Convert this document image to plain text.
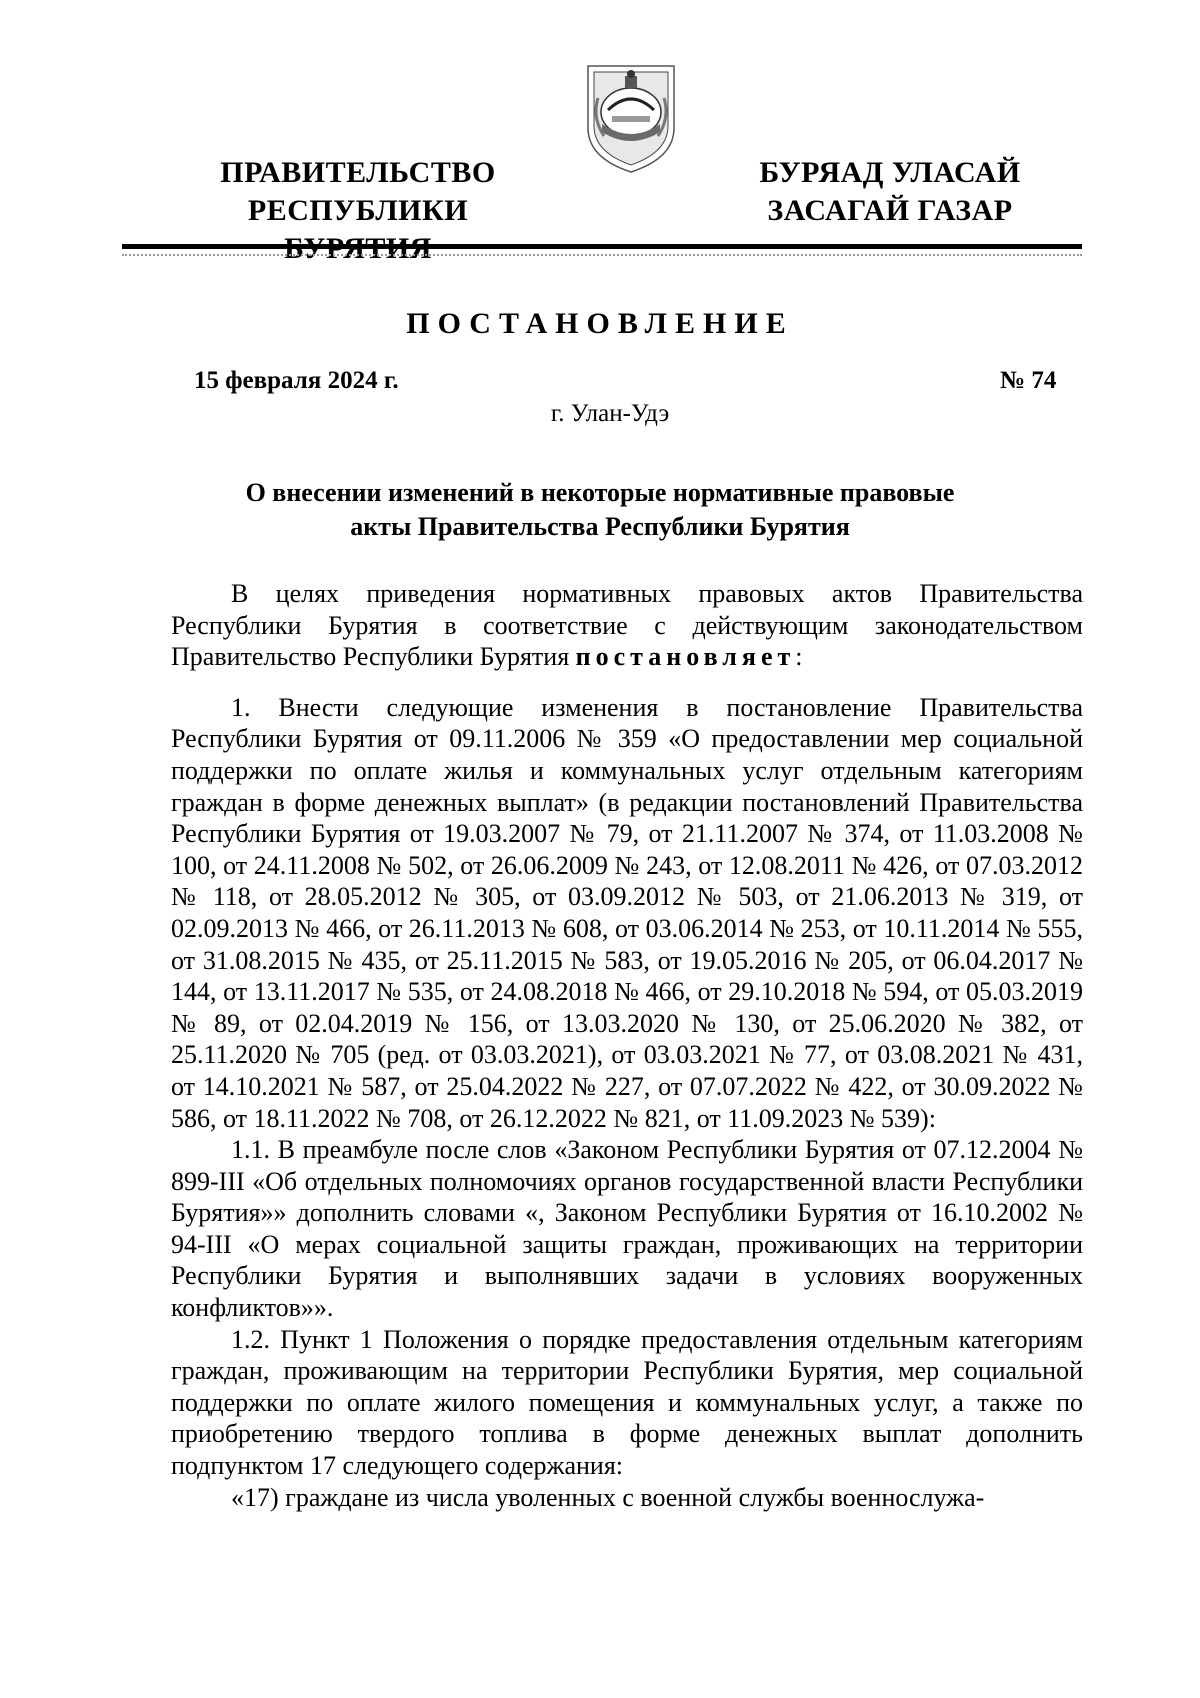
ПРАВИТЕЛЬСТВО
РЕСПУБЛИКИ
БУРЯАД УЛАСАЙ
ЗАСАГАЙ ГАЗАР
ПОСТАНОВЛЕНИЕ
15 февраля 2024 г.	№ 74
г. Улан-Удэ
О внесении изменений в некоторые нормативные правовые
акты Правительства Республики Бурятия

В целях приведения нормативных правовых актов Правительства Республики Бурятия в соответствие с действующим законодательством Правительство Республики Бурятия постановляет:

1. Внести следующие изменения в постановление Правительства Республики Бурятия от 09.11.2006 № 359 «О предоставлении мер социальной поддержки по оплате жилья и коммунальных услуг отдельным категориям граждан в форме денежных выплат» (в редакции постановлений Правительства Республики Бурятия от 19.03.2007 № 79, от 21.11.2007 № 374, от 11.03.2008 № 100, от 24.11.2008 № 502, от 26.06.2009 № 243, от 12.08.2011 № 426, от 07.03.2012 № 118, от 28.05.2012 № 305, от 03.09.2012 № 503, от 21.06.2013 № 319, от 02.09.2013 № 466, от 26.11.2013 № 608, от 03.06.2014 № 253, от 10.11.2014 № 555, от 31.08.2015 № 435, от 25.11.2015 № 583, от 19.05.2016 № 205, от 06.04.2017 № 144, от 13.11.2017 № 535, от 24.08.2018 № 466, от 29.10.2018 № 594, от 05.03.2019 № 89, от 02.04.2019 № 156, от 13.03.2020 № 130, от 25.06.2020 № 382, от 25.11.2020 № 705 (ред. от 03.03.2021), от 03.03.2021 № 77, от 03.08.2021 № 431, от 14.10.2021 № 587, от 25.04.2022 № 227, от 07.07.2022 № 422, от 30.09.2022 № 586, от 18.11.2022 № 708, от 26.12.2022 № 821, от 11.09.2023 № 539):

1.1. В преамбуле после слов «Законом Республики Бурятия от 07.12.2004 № 899-III «Об отдельных полномочиях органов государственной власти Республики Бурятия»» дополнить словами «, Законом Республики Бурятия от 16.10.2002 № 94-III «О мерах социальной защиты граждан, проживающих на территории Республики Бурятия и выполнявших задачи в условиях вооруженных конфликтов»».

1.2. Пункт 1 Положения о порядке предоставления отдельным категориям граждан, проживающим на территории Республики Бурятия, мер социальной поддержки по оплате жилого помещения и коммунальных услуг, а также по приобретению твердого топлива в форме денежных выплат дополнить подпунктом 17 следующего содержания:

«17) граждане из числа уволенных с военной службы военнослужа-
